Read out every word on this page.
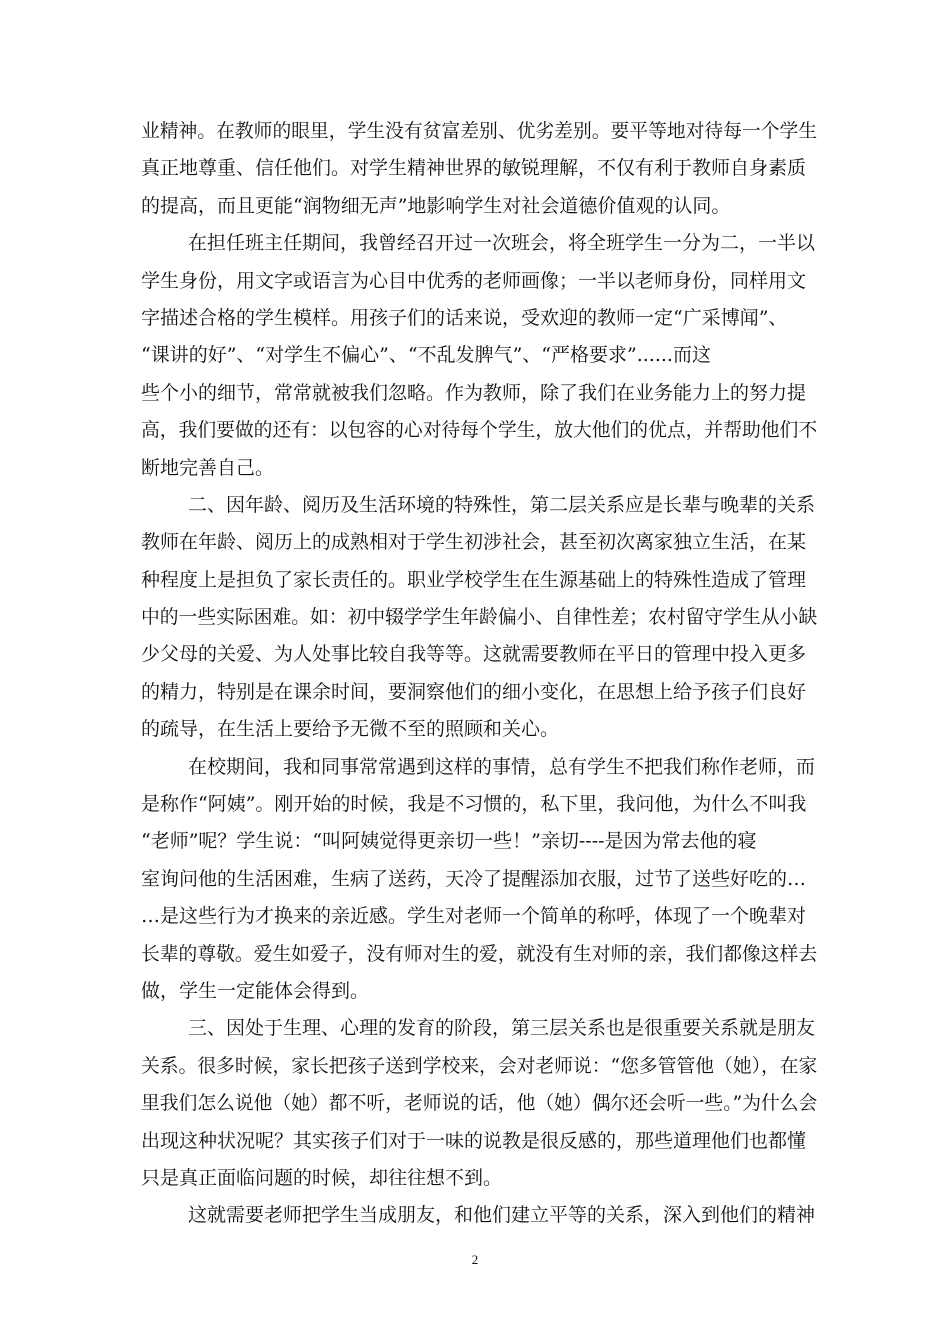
业精神。在教师的眼里，学生没有贫富差别、优劣差别。要平等地对待每一个学生
真正地尊重、信任他们。对学生精神世界的敏锐理解，不仅有利于教师自身素质
的提高，而且更能“润物细无声”地影响学生对社会道德价值观的认同。
在担任班主任期间，我曾经召开过一次班会，将全班学生一分为二，一半以
学生身份，用文字或语言为心目中优秀的老师画像；一半以老师身份，同样用文
字描述合格的学生模样。用孩子们的话来说，受欢迎的教师一定“广采博闻”、
“课讲的好”、“对学生不偏心”、“不乱发脾气”、“严格要求”......而这
些个小的细节，常常就被我们忽略。作为教师，除了我们在业务能力上的努力提
高，我们要做的还有：以包容的心对待每个学生，放大他们的优点，并帮助他们不
断地完善自己。
二、因年龄、阅历及生活环境的特殊性，第二层关系应是长辈与晚辈的关系
教师在年龄、阅历上的成熟相对于学生初涉社会，甚至初次离家独立生活，在某
种程度上是担负了家长责任的。职业学校学生在生源基础上的特殊性造成了管理
中的一些实际困难。如：初中辍学学生年龄偏小、自律性差；农村留守学生从小缺
少父母的关爱、为人处事比较自我等等。这就需要教师在平日的管理中投入更多
的精力，特别是在课余时间，要洞察他们的细小变化，在思想上给予孩子们良好
的疏导，在生活上要给予无微不至的照顾和关心。
在校期间，我和同事常常遇到这样的事情，总有学生不把我们称作老师，而
是称作“阿姨”。刚开始的时候，我是不习惯的，私下里，我问他，为什么不叫我
“老师”呢？学生说：“叫阿姨觉得更亲切一些！”亲切----是因为常去他的寝
室询问他的生活困难，生病了送药，天冷了提醒添加衣服，过节了送些好吃的…
…是这些行为才换来的亲近感。学生对老师一个简单的称呼，体现了一个晚辈对
长辈的尊敬。爱生如爱子，没有师对生的爱，就没有生对师的亲，我们都像这样去
做，学生一定能体会得到。
三、因处于生理、心理的发育的阶段，第三层关系也是很重要关系就是朋友
关系。很多时候，家长把孩子送到学校来，会对老师说：“您多管管他（她），在家
里我们怎么说他（她）都不听，老师说的话，他（她）偶尔还会听一些。”为什么会
出现这种状况呢？其实孩子们对于一味的说教是很反感的，那些道理他们也都懂
只是真正面临问题的时候，却往往想不到。
这就需要老师把学生当成朋友，和他们建立平等的关系，深入到他们的精神
2
